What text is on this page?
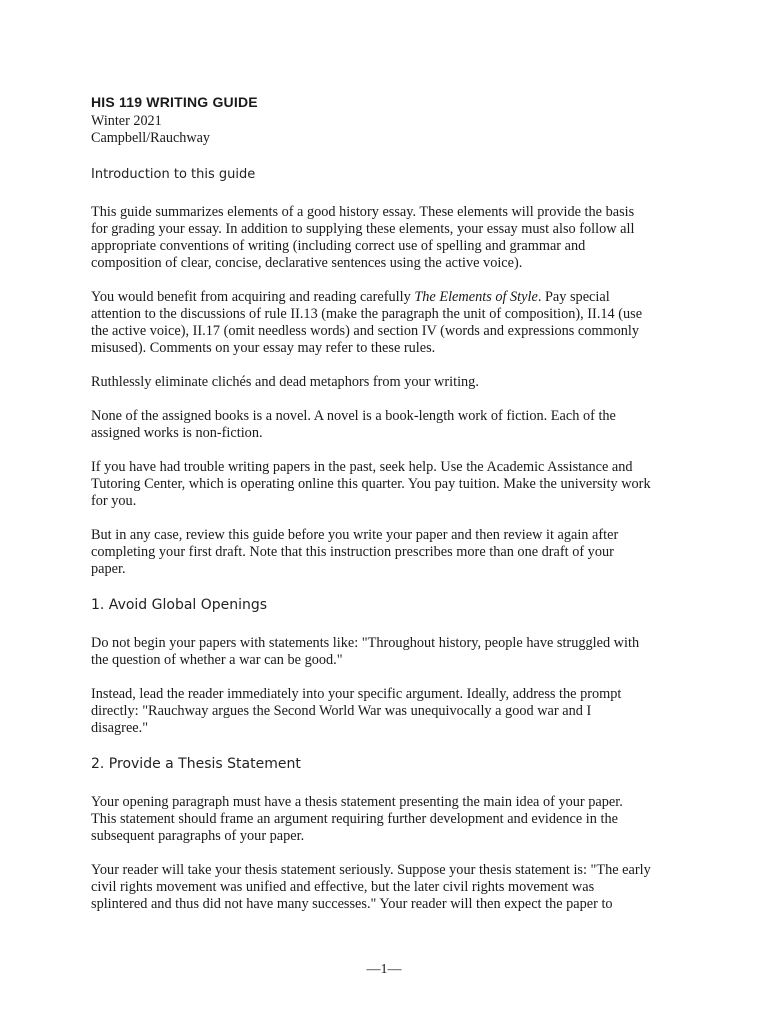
HIS 119 WRITING GUIDE

Winter 2021

Campbell/Rauchway

Introduction to this guide

This guide summarizes elements of a good history essay. These elements will provide the basis for grading your essay. In addition to supplying these elements, your essay must also follow all appropriate conventions of writing (including correct use of spelling and grammar and composition of clear, concise, declarative sentences using the active voice).

You would benefit from acquiring and reading carefully The Elements of Style. Pay special attention to the discussions of rule II.13 (make the paragraph the unit of composition), II.14 (use the active voice), II.17 (omit needless words) and section IV (words and expressions commonly misused). Comments on your essay may refer to these rules.

Ruthlessly eliminate clichés and dead metaphors from your writing.

None of the assigned books is a novel. A novel is a book-length work of fiction. Each of the assigned works is non-fiction.

If you have had trouble writing papers in the past, seek help. Use the Academic Assistance and Tutoring Center, which is operating online this quarter. You pay tuition. Make the university work for you.

But in any case, review this guide before you write your paper and then review it again after completing your first draft. Note that this instruction prescribes more than one draft of your paper.

1. Avoid Global Openings

Do not begin your papers with statements like: "Throughout history, people have struggled with the question of whether a war can be good."

Instead, lead the reader immediately into your specific argument. Ideally, address the prompt directly: "Rauchway argues the Second World War was unequivocally a good war and I disagree."

2. Provide a Thesis Statement

Your opening paragraph must have a thesis statement presenting the main idea of your paper. This statement should frame an argument requiring further development and evidence in the subsequent paragraphs of your paper.

Your reader will take your thesis statement seriously. Suppose your thesis statement is: "The early civil rights movement was unified and effective, but the later civil rights movement was splintered and thus did not have many successes." Your reader will then expect the paper to

—1—
